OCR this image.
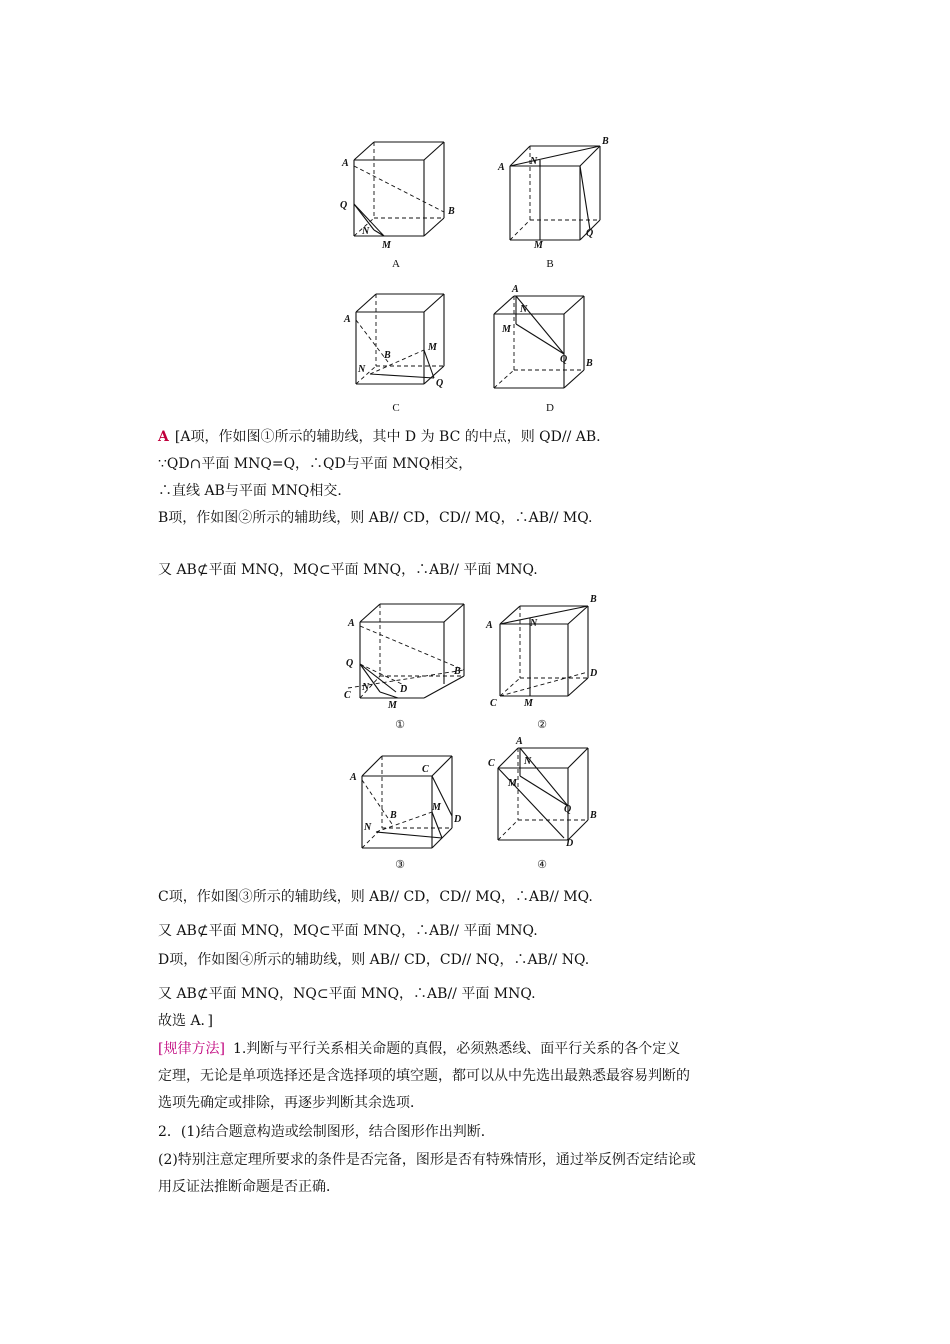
A
Q
N
M
B
A
B
A
N
M
Q
B
A
B
M
N
Q
C
A
N
M
Q B
D
A [A项，作如图①所示的辅助线，其中 D 为 BC 的中点，则 QD// AB.
∵QD∩平面 MNQ=Q，∴QD与平面 MNQ相交，
∴直线 AB与平面 MNQ相交．
B项，作如图②所示的辅助线，则 AB// CD，CD// MQ，∴AB// MQ.
又 AB⊄平面 MNQ，MQ⊂平面 MNQ，∴AB// 平面 MNQ.
A
Q
C
N	D
M
B
①
B
A	N
D
C	M
②
A
C
B
M
N
D
③
A
C	N
M
Q
B
D
④
C项，作如图③所示的辅助线，则 AB// CD，CD// MQ，∴AB// MQ.
又 AB⊄平面 MNQ，MQ⊂平面 MNQ，∴AB// 平面 MNQ.
D项，作如图④所示的辅助线，则 AB// CD，CD// NQ，∴AB// NQ.
又 AB⊄平面 MNQ，NQ⊂平面 MNQ，∴AB// 平面 MNQ.
故选 A．]
[规律方法] 1.判断与平行关系相关命题的真假，必须熟悉线、面平行关系的各个定义
定理，无论是单项选择还是含选择项的填空题，都可以从中先选出最熟悉最容易判断的
选项先确定或排除，再逐步判断其余选项．
2．(1)结合题意构造或绘制图形，结合图形作出判断．
(2)特别注意定理所要求的条件是否完备，图形是否有特殊情形，通过举反例否定结论或
用反证法推断命题是否正确．
